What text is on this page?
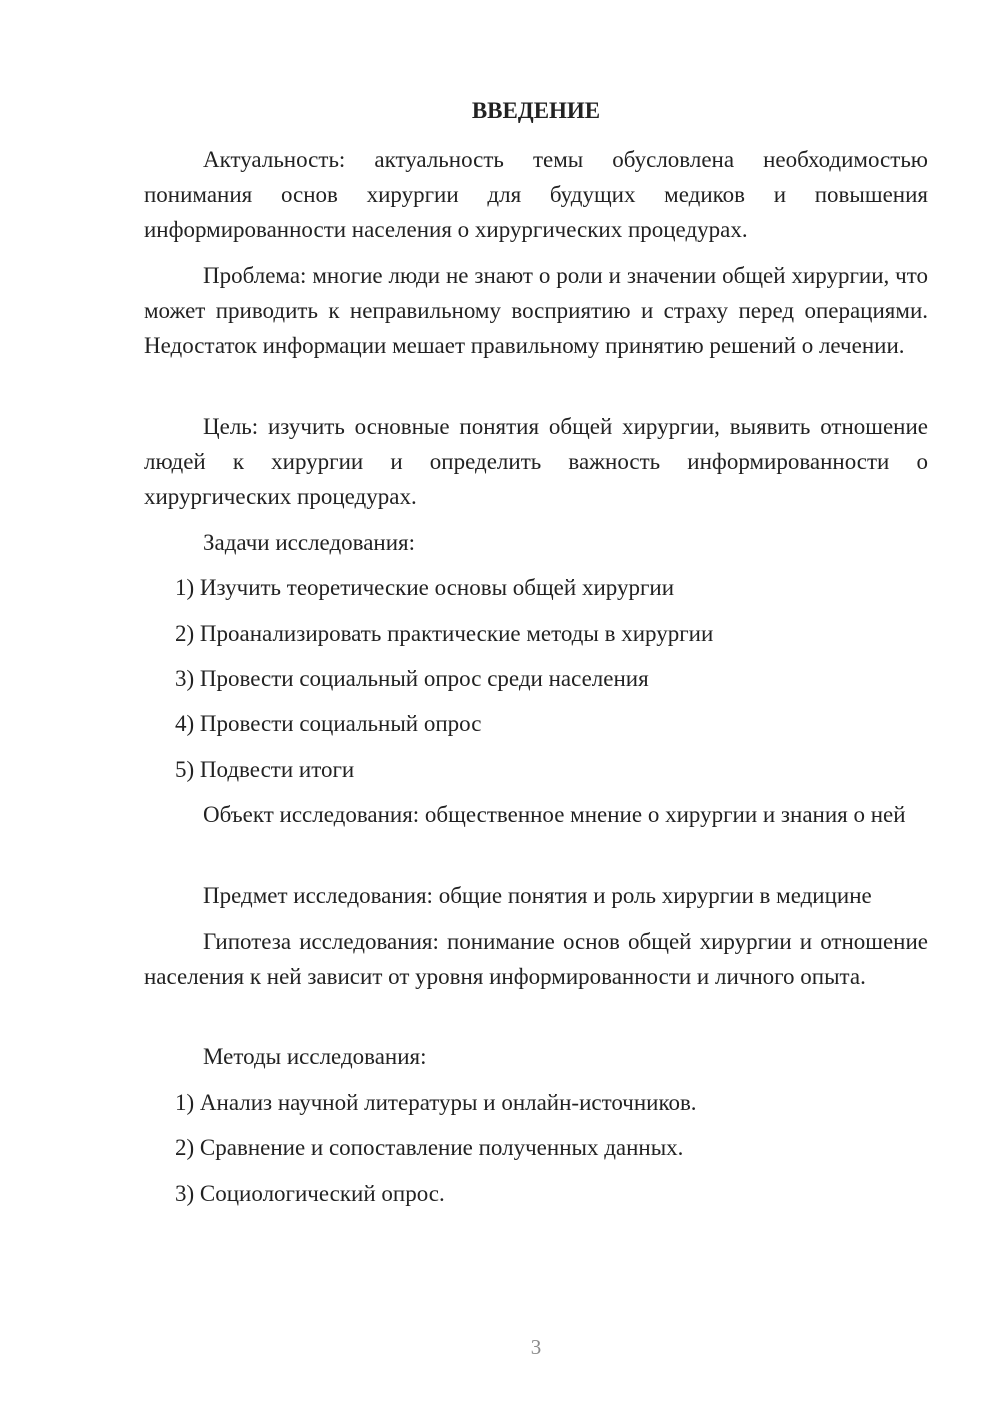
ВВЕДЕНИЕ

Актуальность: актуальность темы обусловлена необходимостью понимания основ хирургии для будущих медиков и повышения информированности населения о хирургических процедурах.

Проблема: многие люди не знают о роли и значении общей хирургии, что может приводить к неправильному восприятию и страху перед операциями. Недостаток информации мешает правильному принятию решений о лечении.

Цель: изучить основные понятия общей хирургии, выявить отношение людей к хирургии и определить важность информированности о хирургических процедурах.

Задачи исследования:

1) Изучить теоретические основы общей хирургии

2) Проанализировать практические методы в хирургии

3) Провести социальный опрос среди населения

4) Провести социальный опрос

5) Подвести итоги

Объект исследования: общественное мнение о хирургии и знания о ней

Предмет исследования: общие понятия и роль хирургии в медицине

Гипотеза исследования: понимание основ общей хирургии и отношение населения к ней зависит от уровня информированности и личного опыта.

Методы исследования:

1) Анализ научной литературы и онлайн-источников.

2) Сравнение и сопоставление полученных данных.

3) Социологический опрос.

3
